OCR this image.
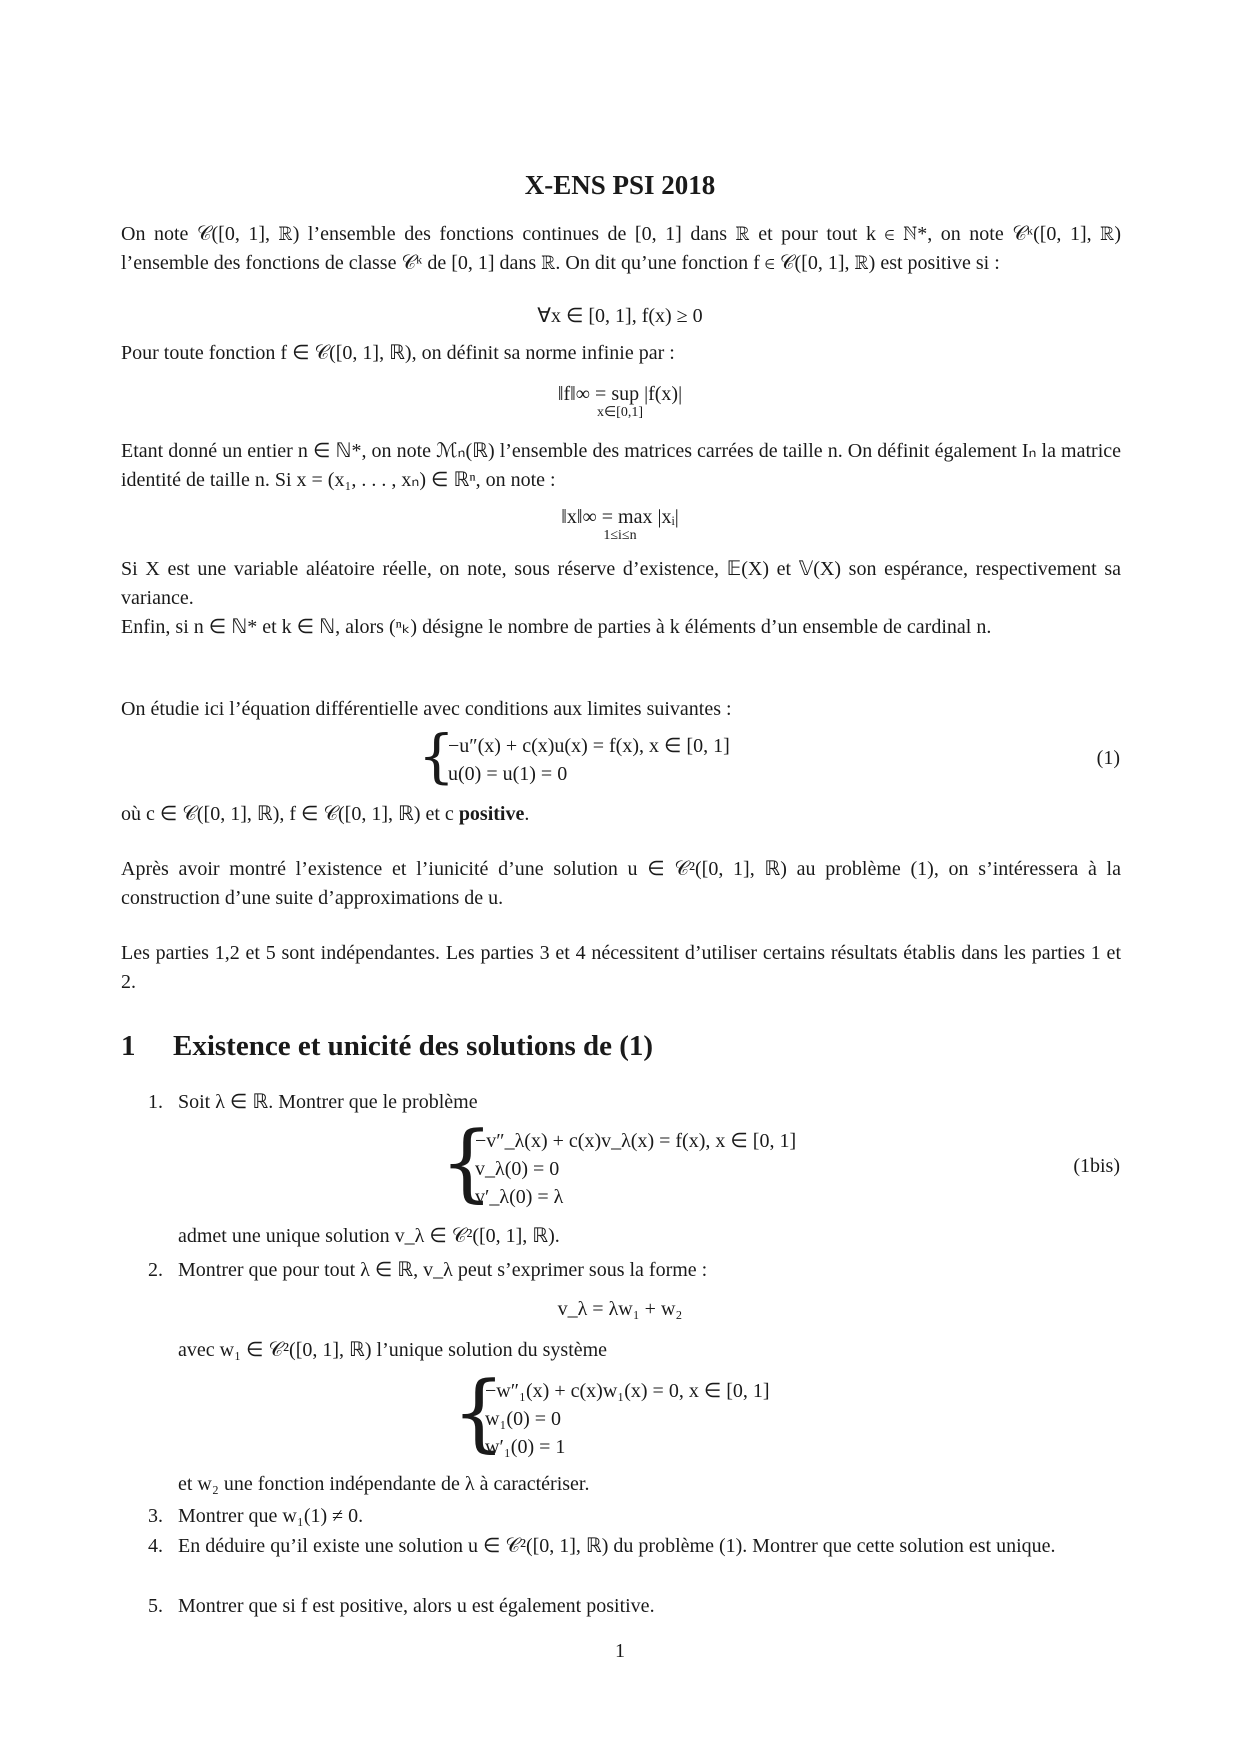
X-ENS PSI 2018
On note 𝒞([0, 1], ℝ) l’ensemble des fonctions continues de [0, 1] dans ℝ et pour tout k ∈ ℕ*, on note 𝒞ᵏ([0, 1], ℝ) l’ensemble des fonctions de classe 𝒞ᵏ de [0, 1] dans ℝ. On dit qu’une fonction f ∈ 𝒞([0, 1], ℝ) est positive si :
∀x ∈ [0, 1], f(x) ≥ 0
Pour toute fonction f ∈ 𝒞([0, 1], ℝ), on définit sa norme infinie par :
‖f‖∞ = sup |f(x)|
x∈[0,1]
Etant donné un entier n ∈ ℕ*, on note ℳₙ(ℝ) l’ensemble des matrices carrées de taille n. On définit également Iₙ la matrice identité de taille n. Si x = (x₁, . . . , xₙ) ∈ ℝⁿ, on note :
‖x‖∞ = max |xᵢ|
1≤i≤n
Si X est une variable aléatoire réelle, on note, sous réserve d’existence, 𝔼(X) et 𝕍(X) son espérance, respectivement sa variance.
Enfin, si n ∈ ℕ* et k ∈ ℕ, alors (ⁿₖ) désigne le nombre de parties à k éléments d’un ensemble de cardinal n.
On étudie ici l’équation différentielle avec conditions aux limites suivantes :
{
−u″(x) + c(x)u(x) = f(x), x ∈ [0, 1]
u(0) = u(1) = 0
(1)
où c ∈ 𝒞([0, 1], ℝ), f ∈ 𝒞([0, 1], ℝ) et c positive.
Après avoir montré l’existence et l’iunicité d’une solution u ∈ 𝒞²([0, 1], ℝ) au problème (1), on s’intéressera à la construction d’une suite d’approximations de u.
Les parties 1,2 et 5 sont indépendantes. Les parties 3 et 4 nécessitent d’utiliser certains résultats établis dans les parties 1 et 2.
1 Existence et unicité des solutions de (1)
1. Soit λ ∈ ℝ. Montrer que le problème
{
−v″_λ(x) + c(x)v_λ(x) = f(x), x ∈ [0, 1]
v_λ(0) = 0
v′_λ(0) = λ
(1bis)
admet une unique solution v_λ ∈ 𝒞²([0, 1], ℝ).
2. Montrer que pour tout λ ∈ ℝ, v_λ peut s’exprimer sous la forme :
v_λ = λw₁ + w₂
avec w₁ ∈ 𝒞²([0, 1], ℝ) l’unique solution du système
{
−w″₁(x) + c(x)w₁(x) = 0, x ∈ [0, 1]
w₁(0) = 0
w′₁(0) = 1
et w₂ une fonction indépendante de λ à caractériser.
3. Montrer que w₁(1) ≠ 0.
4. En déduire qu’il existe une solution u ∈ 𝒞²([0, 1], ℝ) du problème (1). Montrer que cette solution est unique.
5. Montrer que si f est positive, alors u est également positive.
1
